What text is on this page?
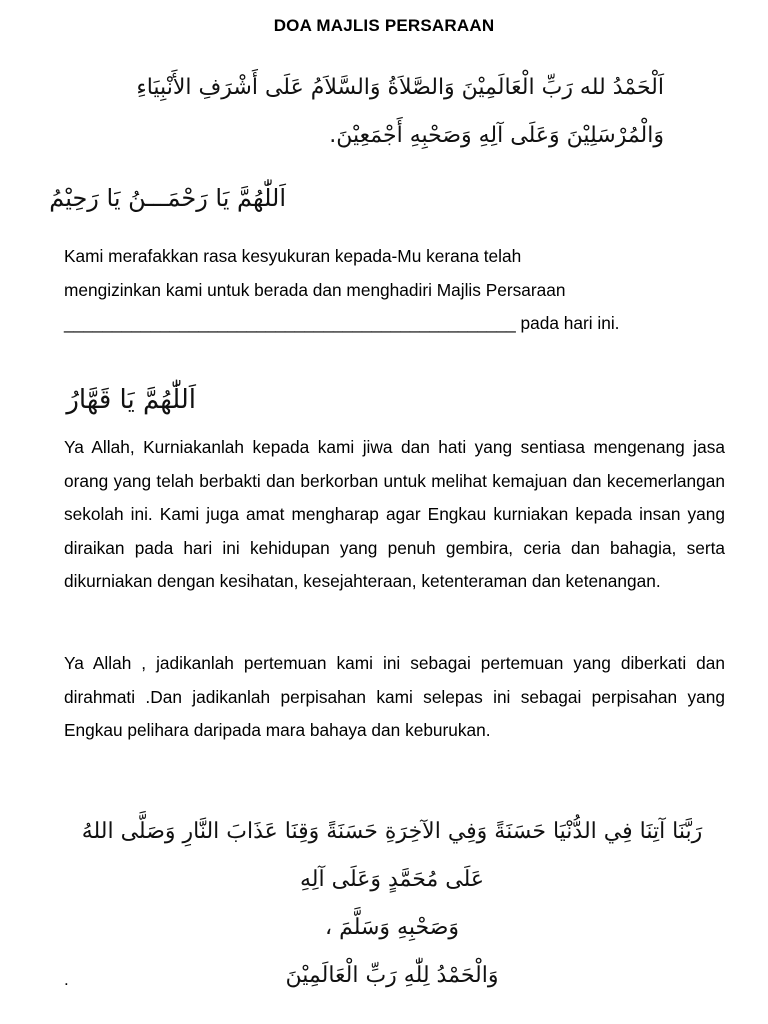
DOA MAJLIS PERSARAAN
اَلْحَمْدُ لله رَبِّ الْعَالَمِيْنَ وَالصَّلاَةُ وَالسَّلاَمُ عَلَى أَشْرَفِ الأَنْبِيَاءِ
وَالْمُرْسَلِيْنَ وَعَلَى آلِهِ وَصَحْبِهِ أَجْمَعِيْنَ.
اَللّٰهُمَّ يَا رَحْمَـــنُ يَا رَحِيْمُ
Kami merafakkan rasa kesyukuran kepada-Mu kerana telah
mengizinkan kami untuk berada dan menghadiri Majlis Persaraan
_______________________________________________ pada hari ini.
اَللّٰهُمَّ يَا قَهَّارُ
Ya Allah, Kurniakanlah kepada kami jiwa dan hati yang sentiasa mengenang jasa orang yang telah berbakti dan berkorban untuk melihat kemajuan dan kecemerlangan sekolah ini. Kami juga amat mengharap agar Engkau kurniakan kepada insan yang diraikan pada hari ini kehidupan yang penuh gembira, ceria dan bahagia, serta dikurniakan dengan kesihatan, kesejahteraan, ketenteraman dan ketenangan.
Ya Allah , jadikanlah pertemuan kami ini sebagai pertemuan yang diberkati dan dirahmati .Dan jadikanlah perpisahan kami selepas ini sebagai perpisahan yang Engkau pelihara daripada mara bahaya dan keburukan.
رَبَّنَا آتِنَا فِي الدُّنْيَا حَسَنَةً وَفِي الآخِرَةِ حَسَنَةً وَقِنَا عَذَابَ النَّارِ وَصَلَّى اللهُ عَلَى مُحَمَّدٍ وَعَلَى آلِهِ
وَصَحْبِهِ وَسَلَّمَ ،
وَالْحَمْدُ لِلّٰهِ رَبِّ الْعَالَمِيْنَ
.
